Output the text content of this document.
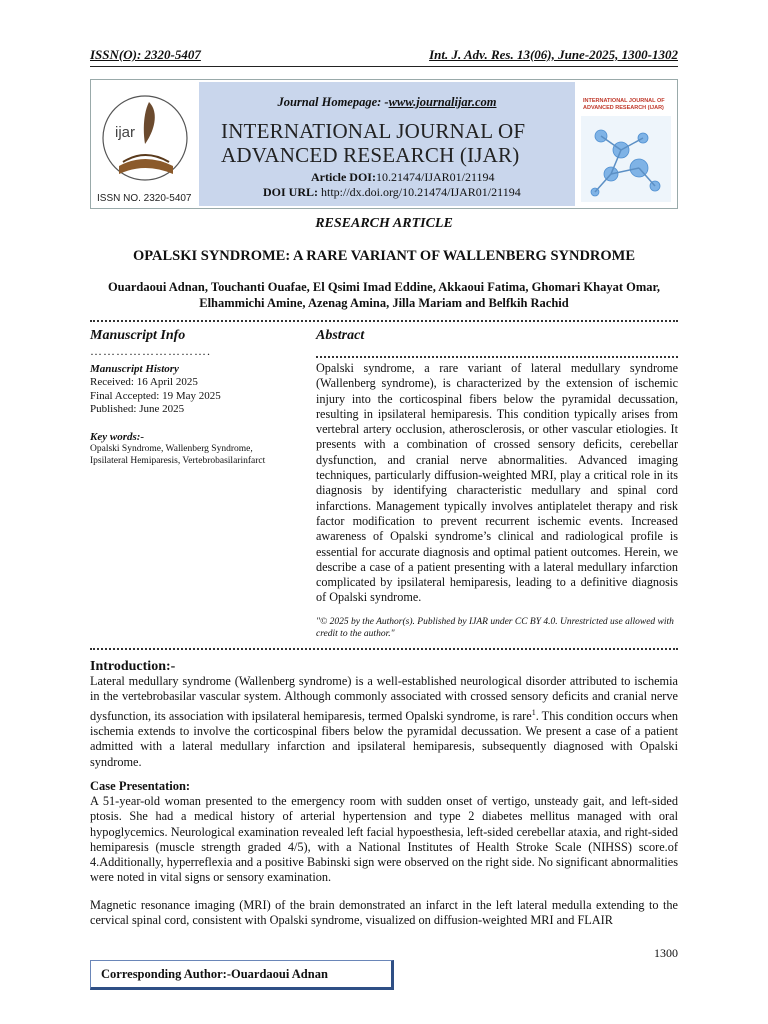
ISSN(O): 2320-5407	Int. J. Adv. Res. 13(06), June-2025, 1300-1302
ijar
ISSN NO. 2320-5407
Journal Homepage: -www.journalijar.com
INTERNATIONAL JOURNAL OF
ADVANCED RESEARCH (IJAR)
Article DOI:10.21474/IJAR01/21194
DOI URL: http://dx.doi.org/10.21474/IJAR01/21194
INTERNATIONAL JOURNAL OF ADVANCED RESEARCH (IJAR)
RESEARCH ARTICLE
OPALSKI SYNDROME: A RARE VARIANT OF WALLENBERG SYNDROME
Ouardaoui Adnan, Touchanti Ouafae, El Qsimi Imad Eddine, Akkaoui Fatima, Ghomari Khayat Omar,
Elhammichi Amine, Azenag Amina, Jilla Mariam and Belfkih Rachid
Manuscript Info
……………………….
Manuscript History
Received: 16 April 2025
Final Accepted: 19 May 2025
Published: June 2025
Key words:-
Opalski Syndrome, Wallenberg Syndrome, Ipsilateral Hemiparesis, Vertebrobasilarinfarct
Abstract

Opalski syndrome, a rare variant of lateral medullary syndrome (Wallenberg syndrome), is characterized by the extension of ischemic injury into the corticospinal fibers below the pyramidal decussation, resulting in ipsilateral hemiparesis. This condition typically arises from vertebral artery occlusion, atherosclerosis, or other vascular etiologies. It presents with a combination of crossed sensory deficits, cerebellar dysfunction, and cranial nerve abnormalities. Advanced imaging techniques, particularly diffusion-weighted MRI, play a critical role in its diagnosis by identifying characteristic medullary and spinal cord infarctions. Management typically involves antiplatelet therapy and risk factor modification to prevent recurrent ischemic events. Increased awareness of Opalski syndrome’s clinical and radiological profile is essential for accurate diagnosis and optimal patient outcomes. Herein, we describe a case of a patient presenting with a lateral medullary infarction complicated by ipsilateral hemiparesis, leading to a definitive diagnosis of Opalski syndrome.

"© 2025 by the Author(s). Published by IJAR under CC BY 4.0. Unrestricted use allowed with credit to the author."

Introduction:-

Lateral medullary syndrome (Wallenberg syndrome) is a well-established neurological disorder attributed to ischemia in the vertebrobasilar vascular system. Although commonly associated with crossed sensory deficits and cranial nerve dysfunction, its association with ipsilateral hemiparesis, termed Opalski syndrome, is rare$^1$. This condition occurs when ischemia extends to involve the corticospinal fibers below the pyramidal decussation. We present a case of a patient admitted with a lateral medullary infarction and ipsilateral hemiparesis, subsequently diagnosed with Opalski syndrome.

Case Presentation:

A 51-year-old woman presented to the emergency room with sudden onset of vertigo, unsteady gait, and left-sided ptosis. She had a medical history of arterial hypertension and type 2 diabetes mellitus managed with oral hypoglycemics. Neurological examination revealed left facial hypoesthesia, left-sided cerebellar ataxia, and right-sided hemiparesis (muscle strength graded 4/5), with a National Institutes of Health Stroke Scale (NIHSS) score.of 4.Additionally, hyperreflexia and a positive Babinski sign were observed on the right side. No significant abnormalities were noted in vital signs or sensory examination.

Magnetic resonance imaging (MRI) of the brain demonstrated an infarct in the left lateral medulla extending to the cervical spinal cord, consistent with Opalski syndrome, visualized on diffusion-weighted MRI and FLAIR

1300
Corresponding Author:-Ouardaoui Adnan
